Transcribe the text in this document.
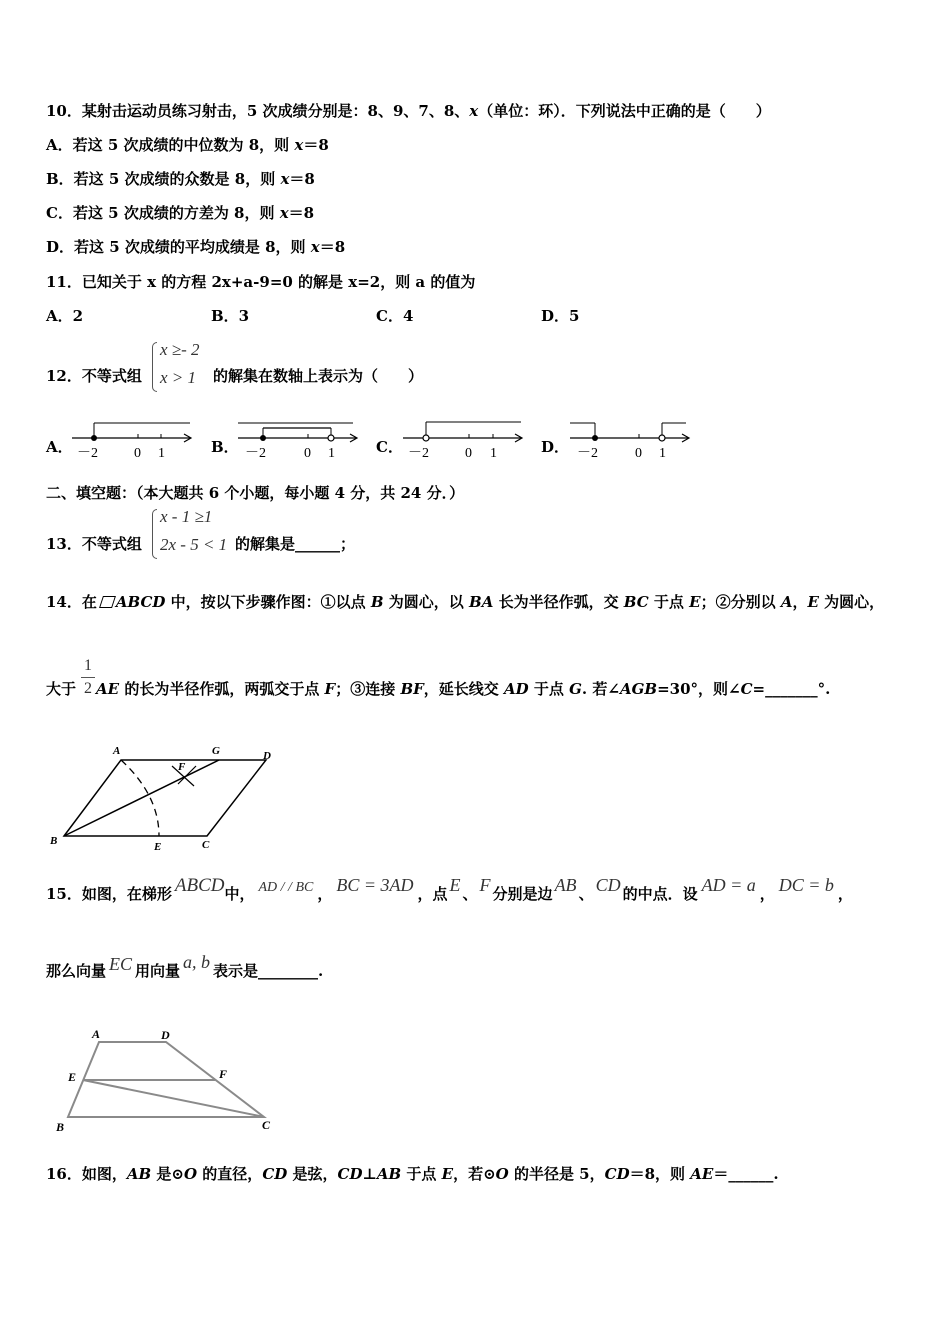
10．某射击运动员练习射击，5 次成绩分别是：8、9、7、8、x（单位：环）．下列说法中正确的是（　　）
A．若这 5 次成绩的中位数为 8，则 x＝8
B．若这 5 次成绩的众数是 8，则 x＝8
C．若这 5 次成绩的方差为 8，则 x＝8
D．若这 5 次成绩的平均成绩是 8，则 x＝8
11．已知关于 x 的方程 2x+a-9=0 的解是 x=2，则 a 的值为
A．2	B．3	C．4	D．5
12．不等式组
x ≥- 2
x > 1 的解集在数轴上表示为（　　）
A．	B．	C．	D．
－2	0 1	－2	0 1	－2	0 1	－2	0 1
二、填空题：（本大题共 6 个小题，每小题 4 分，共 24 分．）
13．不等式组
x - 1 ≥1
2x - 5 < 1 的解集是______；
14．在 ABCD 中，按以下步骤作图：①以点 B 为圆心，以 BA 长为半径作弧，交 BC 于点 E；②分别以 A，E 为圆心，
1
2
大于 AE 的长为半径作弧，两弧交于点 F；③连接 BF，延长线交 AD 于点 G. 若∠AGB=30°，则∠C=_______°.
A	G	D
F
B	E	C
15．如图，在梯形 ABCD中， AD / / BC ， BC = 3AD ，点 E 、 F 分别是边 AB 、 CD 的中点．设 AD = a ， DC = b ，
那么向量 EC 用向量 a, b 表示是________.
A	D
E	F
B	C
16．如图，AB 是⊙O 的直径，CD 是弦，CD⊥AB 于点 E，若⊙O 的半径是 5，CD＝8，则 AE＝______.
